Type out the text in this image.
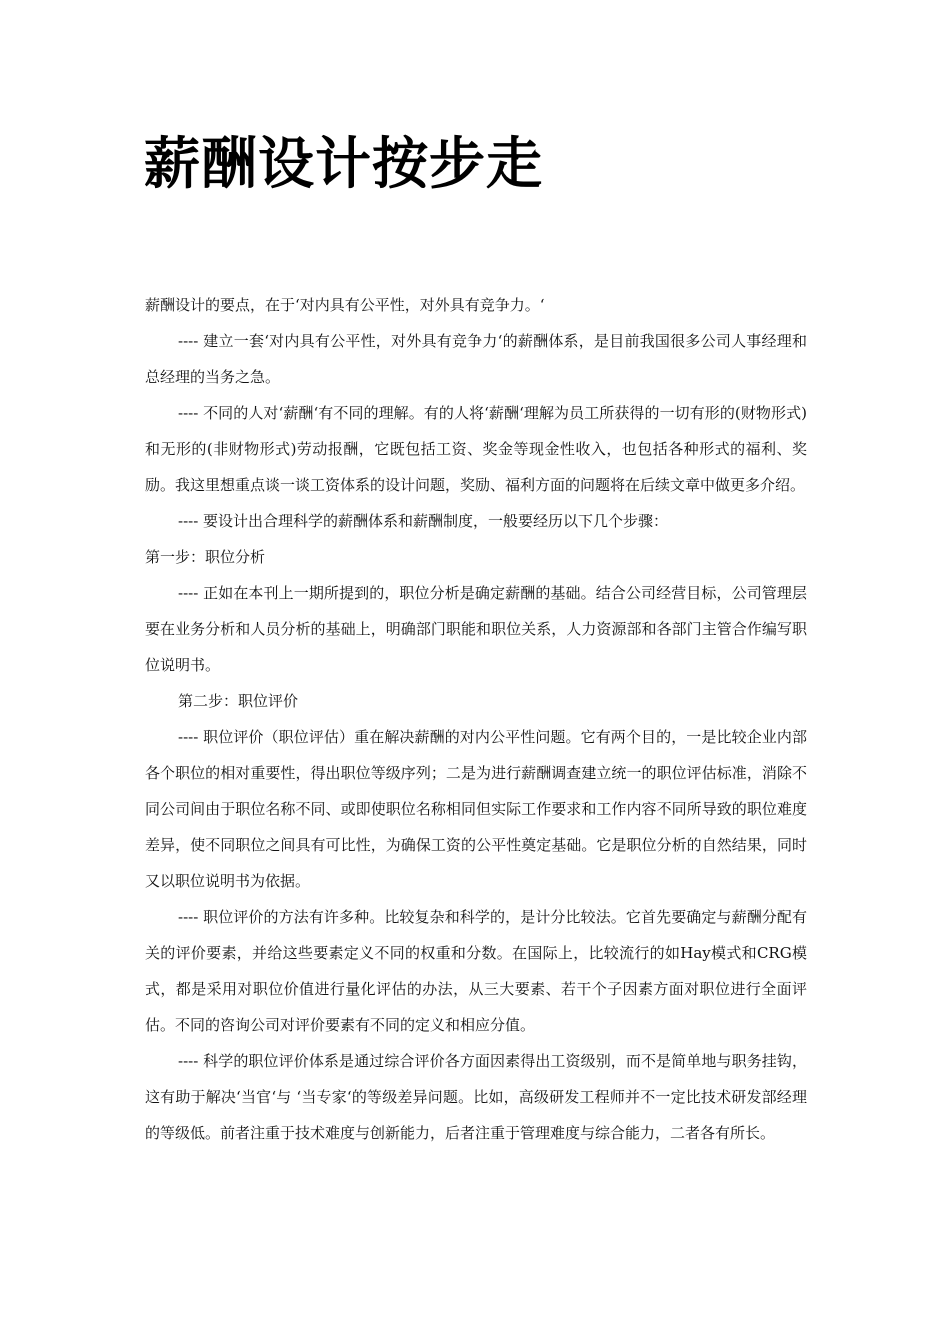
薪酬设计按步走

薪酬设计的要点，在于‘对内具有公平性，对外具有竞争力。‘

---- 建立一套‘对内具有公平性，对外具有竞争力‘的薪酬体系，是目前我国很多公司人事经理和总经理的当务之急。

---- 不同的人对‘薪酬‘有不同的理解。有的人将‘薪酬‘理解为员工所获得的一切有形的(财物形式)和无形的(非财物形式)劳动报酬，它既包括工资、奖金等现金性收入，也包括各种形式的福利、奖励。我这里想重点谈一谈工资体系的设计问题，奖励、福利方面的问题将在后续文章中做更多介绍。

---- 要设计出合理科学的薪酬体系和薪酬制度，一般要经历以下几个步骤：

第一步：职位分析

---- 正如在本刊上一期所提到的，职位分析是确定薪酬的基础。结合公司经营目标，公司管理层要在业务分析和人员分析的基础上，明确部门职能和职位关系，人力资源部和各部门主管合作编写职位说明书。

第二步：职位评价

---- 职位评价（职位评估）重在解决薪酬的对内公平性问题。它有两个目的，一是比较企业内部各个职位的相对重要性，得出职位等级序列；二是为进行薪酬调查建立统一的职位评估标准，消除不同公司间由于职位名称不同、或即使职位名称相同但实际工作要求和工作内容不同所导致的职位难度差异，使不同职位之间具有可比性，为确保工资的公平性奠定基础。它是职位分析的自然结果，同时又以职位说明书为依据。

---- 职位评价的方法有许多种。比较复杂和科学的，是计分比较法。它首先要确定与薪酬分配有关的评价要素，并给这些要素定义不同的权重和分数。在国际上，比较流行的如Hay模式和CRG模式，都是采用对职位价值进行量化评估的办法，从三大要素、若干个子因素方面对职位进行全面评估。不同的咨询公司对评价要素有不同的定义和相应分值。

---- 科学的职位评价体系是通过综合评价各方面因素得出工资级别，而不是简单地与职务挂钩，这有助于解决‘当官‘与 ‘当专家‘的等级差异问题。比如，高级研发工程师并不一定比技术研发部经理的等级低。前者注重于技术难度与创新能力，后者注重于管理难度与综合能力，二者各有所长。
